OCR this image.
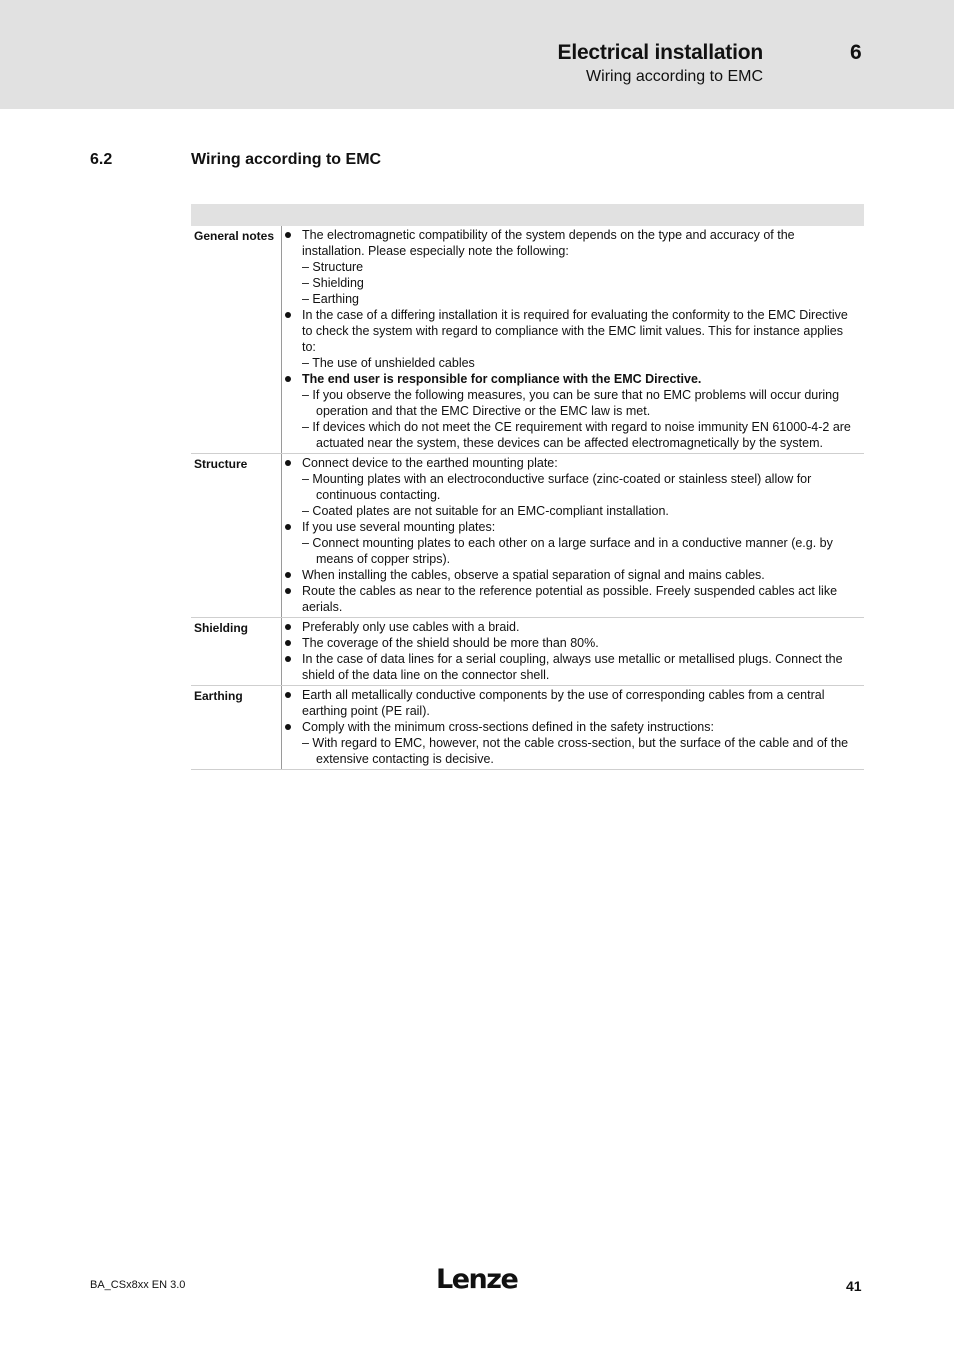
Electrical installation	6
Wiring according to EMC
6.2	Wiring according to EMC
General notes	The electromagnetic compatibility of the system depends on the type and accuracy of the installation. Please especially note the following:
– Structure
– Shielding
– Earthing
In the case of a differing installation it is required for evaluating the conformity to the EMC Directive to check the system with regard to compliance with the EMC limit values. This for instance applies to:
– The use of unshielded cables
The end user is responsible for compliance with the EMC Directive.
– If you observe the following measures, you can be sure that no EMC problems will occur during operation and that the EMC Directive or the EMC law is met.
– If devices which do not meet the CE requirement with regard to noise immunity EN 61000-4-2 are actuated near the system, these devices can be affected electromagnetically by the system.
Structure	Connect device to the earthed mounting plate:
– Mounting plates with an electroconductive surface (zinc-coated or stainless steel) allow for continuous contacting.
– Coated plates are not suitable for an EMC-compliant installation.
If you use several mounting plates:
– Connect mounting plates to each other on a large surface and in a conductive manner (e.g. by means of copper strips).
When installing the cables, observe a spatial separation of signal and mains cables.
Route the cables as near to the reference potential as possible. Freely suspended cables act like aerials.
Shielding	Preferably only use cables with a braid.
The coverage of the shield should be more than 80%.
In the case of data lines for a serial coupling, always use metallic or metallised plugs. Connect the shield of the data line on the connector shell.
Earthing	Earth all metallically conductive components by the use of corresponding cables from a central earthing point (PE rail).
Comply with the minimum cross-sections defined in the safety instructions:
– With regard to EMC, however, not the cable cross-section, but the surface of the cable and of the extensive contacting is decisive.
BA_CSx8xx EN 3.0	Lenze	41
